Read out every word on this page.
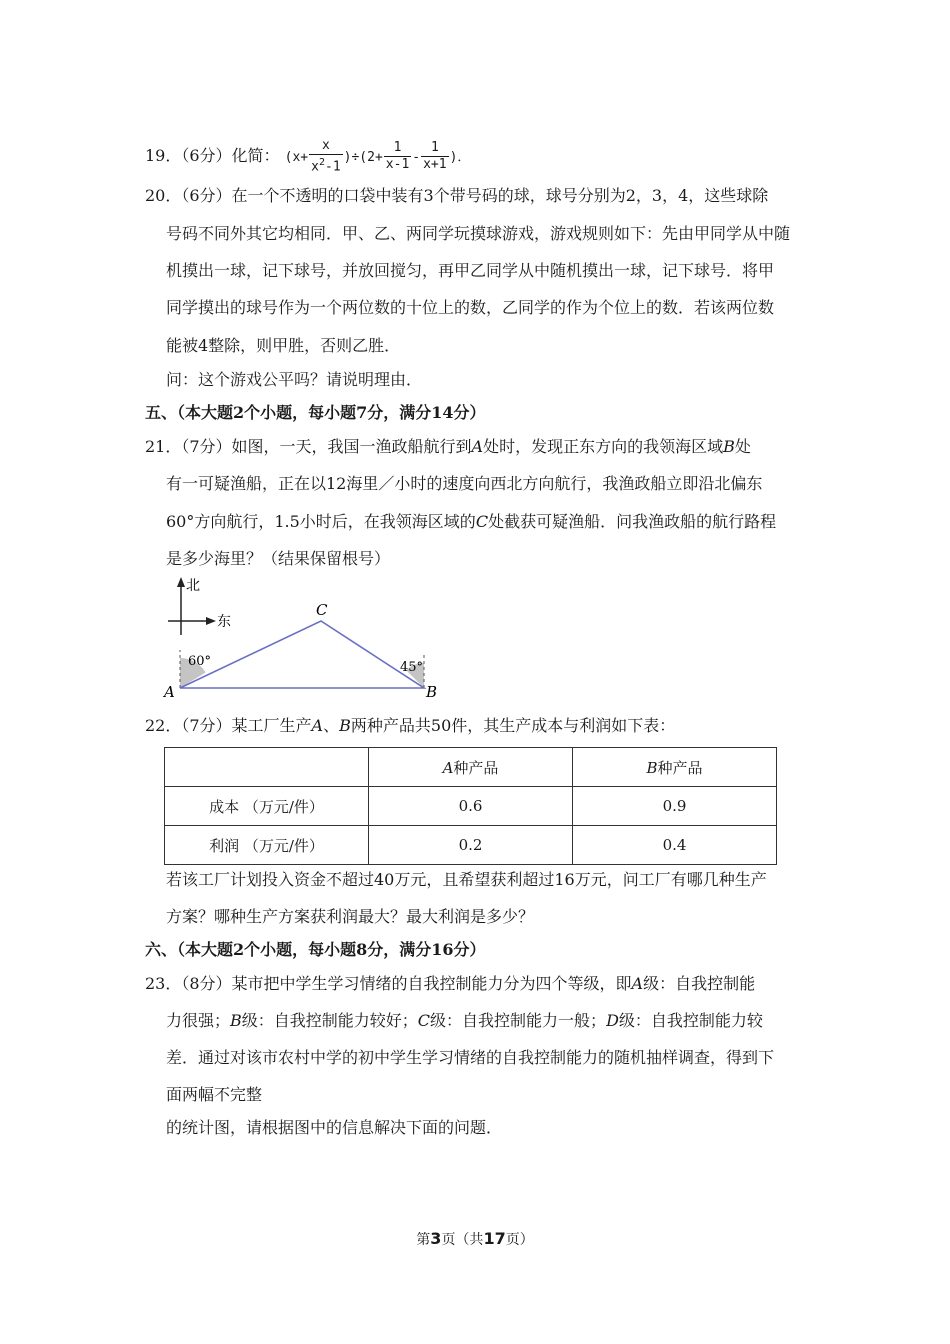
19．（6分）化简： $(x+ \frac{x}{x^2-1} )\div(2+ \frac{1}{x-1} - \frac{1}{x+1}$ )．
20．（6分）在一个不透明的口袋中装有3个带号码的球，球号分别为2，3，4，这些球除
号码不同外其它均相同．甲、乙、两同学玩摸球游戏，游戏规则如下：先由甲同学从中随
机摸出一球，记下球号，并放回搅匀，再甲乙同学从中随机摸出一球，记下球号．将甲
同学摸出的球号作为一个两位数的十位上的数，乙同学的作为个位上的数．若该两位数
能被4整除，则甲胜，否则乙胜．
问：这个游戏公平吗？请说明理由．
五、（本大题2个小题，每小题7分，满分14分）
21．（7分）如图，一天，我国一渔政船航行到A处时，发现正东方向的我领海区域B处
有一可疑渔船，正在以12海里／小时的速度向西北方向航行，我渔政船立即沿北偏东
60°方向航行，1.5小时后，在我领海区域的C处截获可疑渔船．问我渔政船的航行路程
是多少海里？（结果保留根号）
北
东
60°	45°
A	B
C
22．（7分）某工厂生产A、B两种产品共50件，其生产成本与利润如下表：
	A种产品	B种产品
成本 （万元/件）	0.6	0.9
利润 （万元/件）	0.2	0.4
若该工厂计划投入资金不超过40万元，且希望获利超过16万元，问工厂有哪几种生产
方案？哪种生产方案获利润最大？最大利润是多少？
六、（本大题2个小题，每小题8分，满分16分）
23．（8分）某市把中学生学习情绪的自我控制能力分为四个等级，即A级：自我控制能
力很强；B级：自我控制能力较好；C级：自我控制能力一般；D级：自我控制能力较
差．通过对该市农村中学的初中学生学习情绪的自我控制能力的随机抽样调查，得到下
面两幅不完整
的统计图，请根据图中的信息解决下面的问题．
第3页（共17页）
